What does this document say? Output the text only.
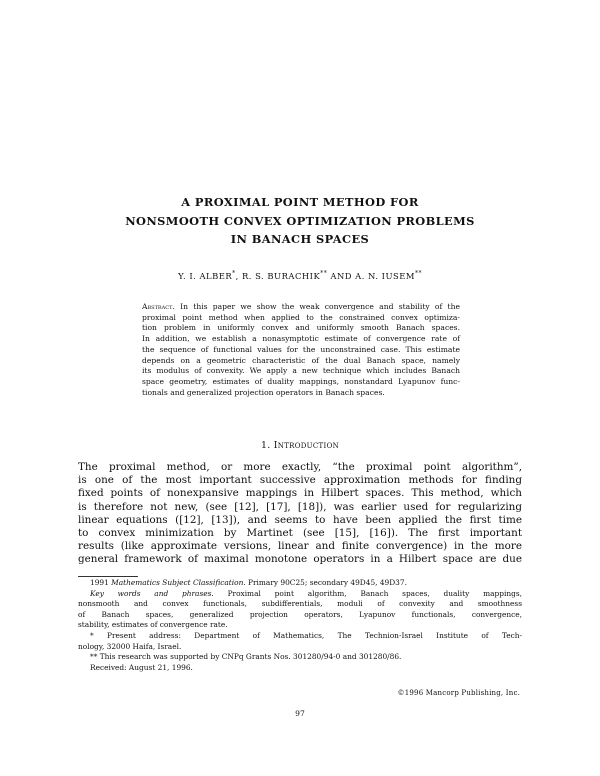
A PROXIMAL POINT METHOD FOR
NONSMOOTH CONVEX OPTIMIZATION PROBLEMS
IN BANACH SPACES
Y. I. ALBER*, R. S. BURACHIK** AND A. N. IUSEM**
Abstract. In this paper we show the weak convergence and stability of the
proximal point method when applied to the constrained convex optimiza-
tion problem in uniformly convex and uniformly smooth Banach spaces.
In addition, we establish a nonasymptotic estimate of convergence rate of
the sequence of functional values for the unconstrained case. This estimate
depends on a geometric characteristic of the dual Banach space, namely
its modulus of convexity. We apply a new technique which includes Banach
space geometry, estimates of duality mappings, nonstandard Lyapunov func-
tionals and generalized projection operators in Banach spaces.
1. Introduction
The proximal method, or more exactly, “the proximal point algorithm”,
is one of the most important successive approximation methods for finding
fixed points of nonexpansive mappings in Hilbert spaces. This method, which
is therefore not new, (see [12], [17], [18]), was earlier used for regularizing
linear equations ([12], [13]), and seems to have been applied the first time
to convex minimization by Martinet (see [15], [16]). The first important
results (like approximate versions, linear and finite convergence) in the more
general framework of maximal monotone operators in a Hilbert space are due
1991 Mathematics Subject Classification. Primary 90C25; secondary 49D45, 49D37.
Key words and phrases. Proximal point algorithm, Banach spaces, duality mappings,
nonsmooth and convex functionals, subdifferentials, moduli of convexity and smoothness
of Banach spaces, generalized projection operators, Lyapunov functionals, convergence,
stability, estimates of convergence rate.
* Present address: Department of Mathematics, The Technion-Israel Institute of Tech-
nology, 32000 Haifa, Israel.
** This research was supported by CNPq Grants Nos. 301280/94-0 and 301280/86.
Received: August 21, 1996.
©1996 Mancorp Publishing, Inc.
97
